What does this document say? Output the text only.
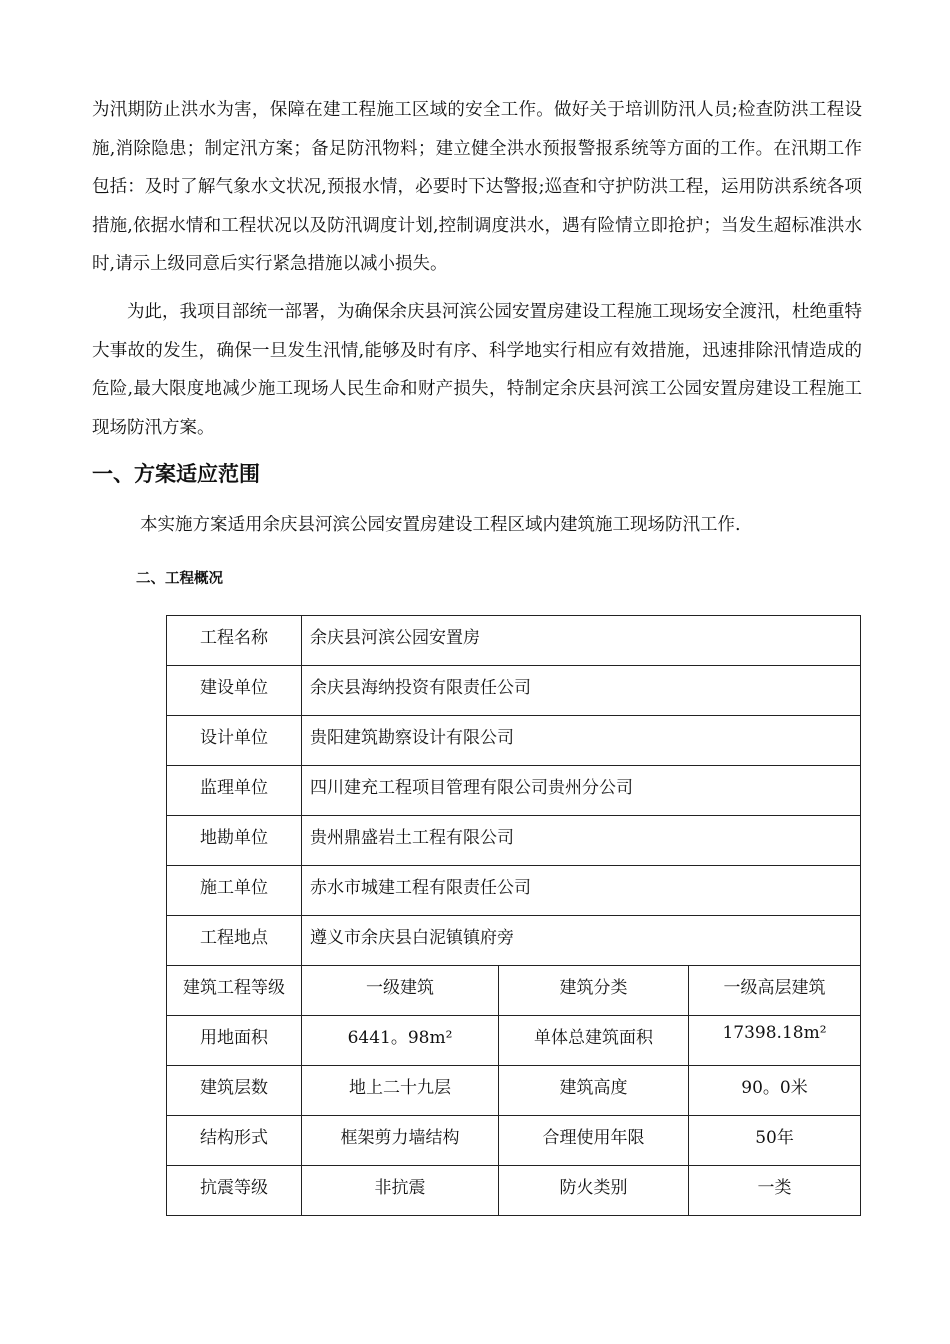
为汛期防止洪水为害，保障在建工程施工区域的安全工作。做好关于培训防汛人员;检查防洪工程设施,消除隐患；制定汛方案；备足防汛物料；建立健全洪水预报警报系统等方面的工作。在汛期工作包括：及时了解气象水文状况,预报水情，必要时下达警报;巡查和守护防洪工程，运用防洪系统各项措施,依据水情和工程状况以及防汛调度计划,控制调度洪水，遇有险情立即抢护；当发生超标准洪水时,请示上级同意后实行紧急措施以减小损失。

为此，我项目部统一部署，为确保余庆县河滨公园安置房建设工程施工现场安全渡汛，杜绝重特大事故的发生，确保一旦发生汛情,能够及时有序、科学地实行相应有效措施，迅速排除汛情造成的危险,最大限度地减少施工现场人民生命和财产损失，特制定余庆县河滨工公园安置房建设工程施工现场防汛方案。

一、方案适应范围

本实施方案适用余庆县河滨公园安置房建设工程区域内建筑施工现场防汛工作.

二、工程概况
工程名称	余庆县河滨公园安置房		
建设单位	余庆县海纳投资有限责任公司		
设计单位	贵阳建筑勘察设计有限公司		
监理单位	四川建充工程项目管理有限公司贵州分公司		
地勘单位	贵州鼎盛岩土工程有限公司		
施工单位	赤水市城建工程有限责任公司		
工程地点	遵义市余庆县白泥镇镇府旁		
建筑工程等级	一级建筑	建筑分类	一级高层建筑
用地面积	6441。98m²	单体总建筑面积	17398.18m²
建筑层数	地上二十九层	建筑高度	90。0米
结构形式	框架剪力墙结构	合理使用年限	50年
抗震等级	非抗震	防火类别	一类
